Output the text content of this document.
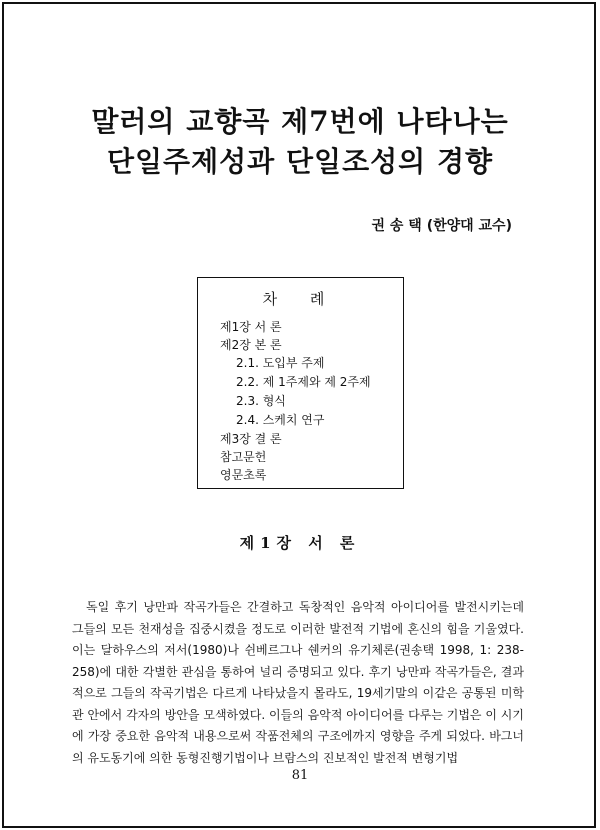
말러의 교향곡 제7번에 나타나는
단일주제성과 단일조성의 경향
권 송 택 (한양대 교수)
차 례
제1장 서 론
제2장 본 론
2.1. 도입부 주제
2.2. 제 1주제와 제 2주제
2.3. 형식
2.4. 스케치 연구
제3장 결 론
참고문헌
영문초록
제1장 서 론

독일 후기 낭만파 작곡가들은 간결하고 독창적인 음악적 아이디어를 발전시키는데 그들의 모든 천재성을 집중시켰을 정도로 이러한 발전적 기법에 혼신의 힘을 기울였다. 이는 달하우스의 저서(1980)나 쉰베르그나 쉔커의 유기체론(권송택 1998, 1: 238-258)에 대한 각별한 관심을 통하여 널리 증명되고 있다. 후기 낭만파 작곡가들은, 결과적으로 그들의 작곡기법은 다르게 나타났을지 몰라도, 19세기말의 이같은 공통된 미학관 안에서 각자의 방안을 모색하였다. 이들의 음악적 아이디어를 다루는 기법은 이 시기에 가장 중요한 음악적 내용으로써 작품전체의 구조에까지 영향을 주게 되었다. 바그너의 유도동기에 의한 동형진행기법이나 브람스의 진보적인 발전적 변형기법

81
